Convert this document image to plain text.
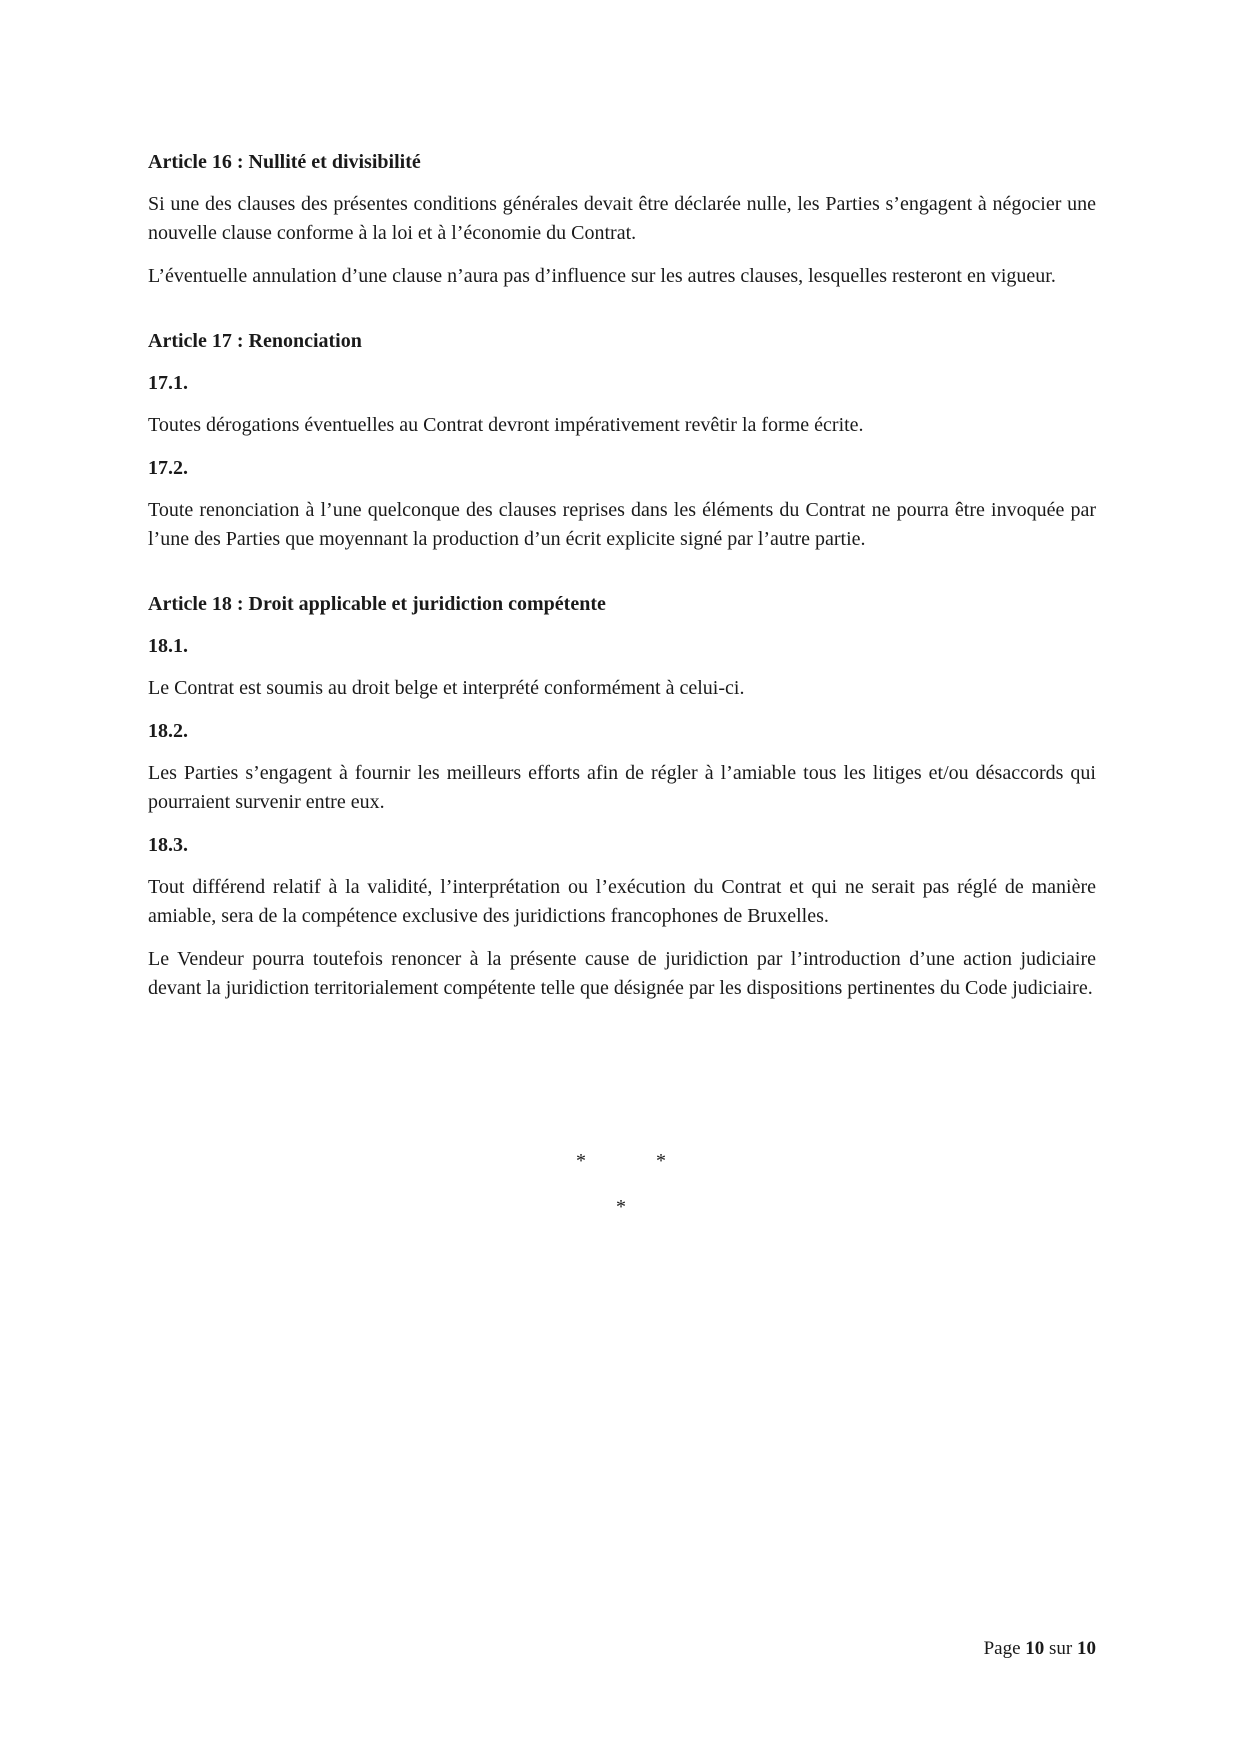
Article 16 : Nullité et divisibilité

Si une des clauses des présentes conditions générales devait être déclarée nulle, les Parties s’engagent à négocier une nouvelle clause conforme à la loi et à l’économie du Contrat.

L’éventuelle annulation d’une clause n’aura pas d’influence sur les autres clauses, lesquelles resteront en vigueur.

Article 17 : Renonciation
17.1.

Toutes dérogations éventuelles au Contrat devront impérativement revêtir la forme écrite.

17.2.

Toute renonciation à l’une quelconque des clauses reprises dans les éléments du Contrat ne pourra être invoquée par l’une des Parties que moyennant la production d’un écrit explicite signé par l’autre partie.

Article 18 : Droit applicable et juridiction compétente
18.1.

Le Contrat est soumis au droit belge et interprété conformément à celui-ci.

18.2.

Les Parties s’engagent à fournir les meilleurs efforts afin de régler à l’amiable tous les litiges et/ou désaccords qui pourraient survenir entre eux.

18.3.

Tout différend relatif à la validité, l’interprétation ou l’exécution du Contrat et qui ne serait pas réglé de manière amiable, sera de la compétence exclusive des juridictions francophones de Bruxelles.

Le Vendeur pourra toutefois renoncer à la présente cause de juridiction par l’introduction d’une action judiciaire devant la juridiction territorialement compétente telle que désignée par les dispositions pertinentes du Code judiciaire.

*	*
*
Page 10 sur 10
